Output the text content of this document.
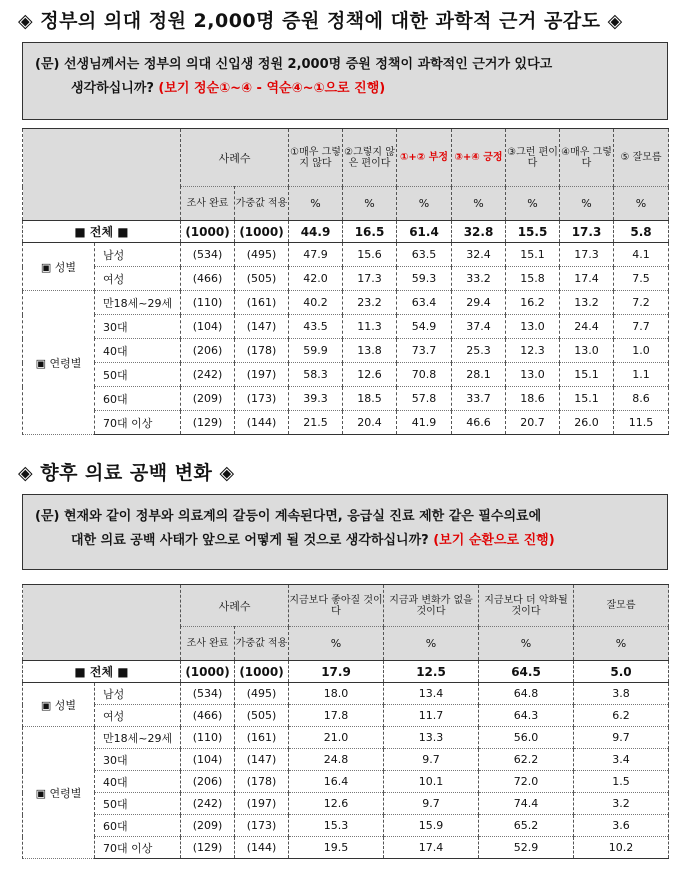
◈ 정부의 의대 정원 2,000명 증원 정책에 대한 과학적 근거 공감도 ◈
(문) 선생님께서는 정부의 의대 신입생 정원 2,000명 증원 정책이 과학적인 근거가 있다고
생각하십니까? (보기 정순①~④ - 역순④~①으로 진행)
		사례수		①매우 그렇지 않다	②그렇지 않은 편이다	①+② 부정	③+④ 긍정	③그런 편이다	④매우 그렇다	⑤ 잘모름
		조사 완료	가중값 적용	%	%	%	%	%	%	%
■ 전체 ■		(1000)	(1000)	44.9	16.5	61.4	32.8	15.5	17.3	5.8
▣ 성별	남성	(534)	(495)	47.9	15.6	63.5	32.4	15.1	17.3	4.1
	여성	(466)	(505)	42.0	17.3	59.3	33.2	15.8	17.4	7.5
▣ 연령별	만18세~29세	(110)	(161)	40.2	23.2	63.4	29.4	16.2	13.2	7.2
	30대	(104)	(147)	43.5	11.3	54.9	37.4	13.0	24.4	7.7
	40대	(206)	(178)	59.9	13.8	73.7	25.3	12.3	13.0	1.0
	50대	(242)	(197)	58.3	12.6	70.8	28.1	13.0	15.1	1.1
	60대	(209)	(173)	39.3	18.5	57.8	33.7	18.6	15.1	8.6
	70대 이상	(129)	(144)	21.5	20.4	41.9	46.6	20.7	26.0	11.5
◈ 향후 의료 공백 변화 ◈
(문) 현재와 같이 정부와 의료계의 갈등이 계속된다면, 응급실 진료 제한 같은 필수의료에
대한 의료 공백 사태가 앞으로 어떻게 될 것으로 생각하십니까? (보기 순환으로 진행)
		사례수		지금보다 좋아질 것이다	지금과 변화가 없을 것이다	지금보다 더 악화될 것이다	잘모름
		조사 완료	가중값 적용	%	%	%	%
■ 전체 ■		(1000)	(1000)	17.9	12.5	64.5	5.0
▣ 성별	남성	(534)	(495)	18.0	13.4	64.8	3.8
	여성	(466)	(505)	17.8	11.7	64.3	6.2
▣ 연령별	만18세~29세	(110)	(161)	21.0	13.3	56.0	9.7
	30대	(104)	(147)	24.8	9.7	62.2	3.4
	40대	(206)	(178)	16.4	10.1	72.0	1.5
	50대	(242)	(197)	12.6	9.7	74.4	3.2
	60대	(209)	(173)	15.3	15.9	65.2	3.6
	70대 이상	(129)	(144)	19.5	17.4	52.9	10.2
